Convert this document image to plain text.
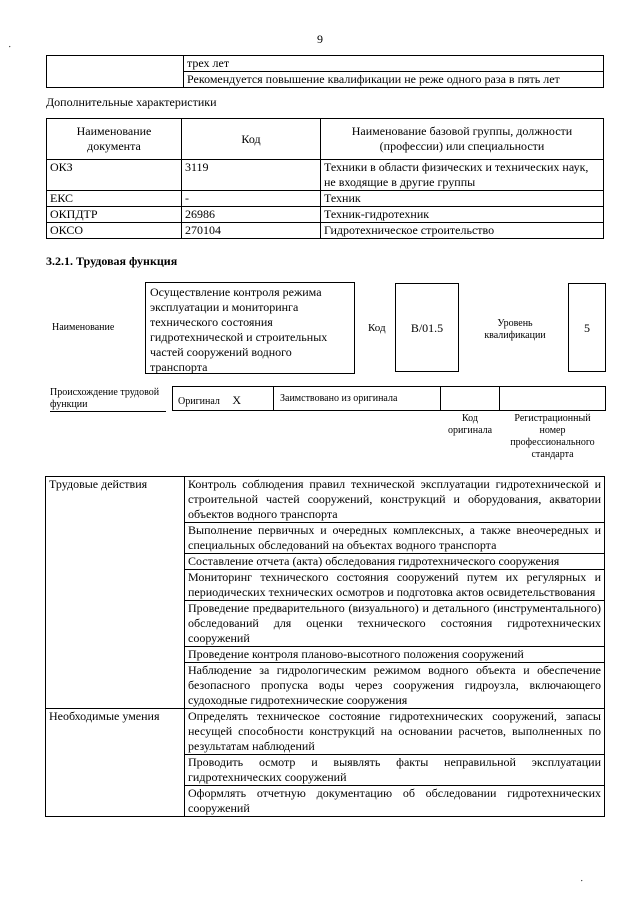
9
⋅
⋅
	трех лет
	Рекомендуется повышение квалификации не реже одного раза в пять лет
Дополнительные характеристики
Наименование документа	Код	Наименование базовой группы, должности (профессии) или специальности
ОКЗ	3119	Техники в области физических и технических наук, не входящие в другие группы
ЕКС	-	Техник
ОКПДТР	26986	Техник-гидротехник
ОКСО	270104	Гидротехническое строительство
3.2.1. Трудовая функция
Наименование
Осуществление контроля режима эксплуатации и мониторинга технического состояния гидротехнической и строительных частей сооружений водного транспорта
Код	В/01.5	Уровень квалификации
5
Происхождение трудовой функции	Оригинал X	Заимствовано из оригинала
Код оригинала
Регистрационный номер профессионального стандарта
Трудовые действия	Контроль соблюдения правил технической эксплуатации гидротехнической и строительной частей сооружений, конструкций и оборудования, акватории объектов водного транспорта
	Выполнение первичных и очередных комплексных, а также внеочередных и специальных обследований на объектах водного транспорта
	Составление отчета (акта) обследования гидротехнического сооружения
	Мониторинг технического состояния сооружений путем их регулярных и периодических технических осмотров и подготовка актов освидетельствования
	Проведение предварительного (визуального) и детального (инструментального) обследований для оценки технического состояния гидротехнических сооружений
	Проведение контроля планово-высотного положения сооружений
	Наблюдение за гидрологическим режимом водного объекта и обеспечение безопасного пропуска воды через сооружения гидроузла, включающего судоходные гидротехнические сооружения
Необходимые умения	Определять техническое состояние гидротехнических сооружений, запасы несущей способности конструкций на основании расчетов, выполненных по результатам наблюдений
	Проводить осмотр и выявлять факты неправильной эксплуатации гидротехнических сооружений
	Оформлять отчетную документацию об обследовании гидротехнических сооружений
